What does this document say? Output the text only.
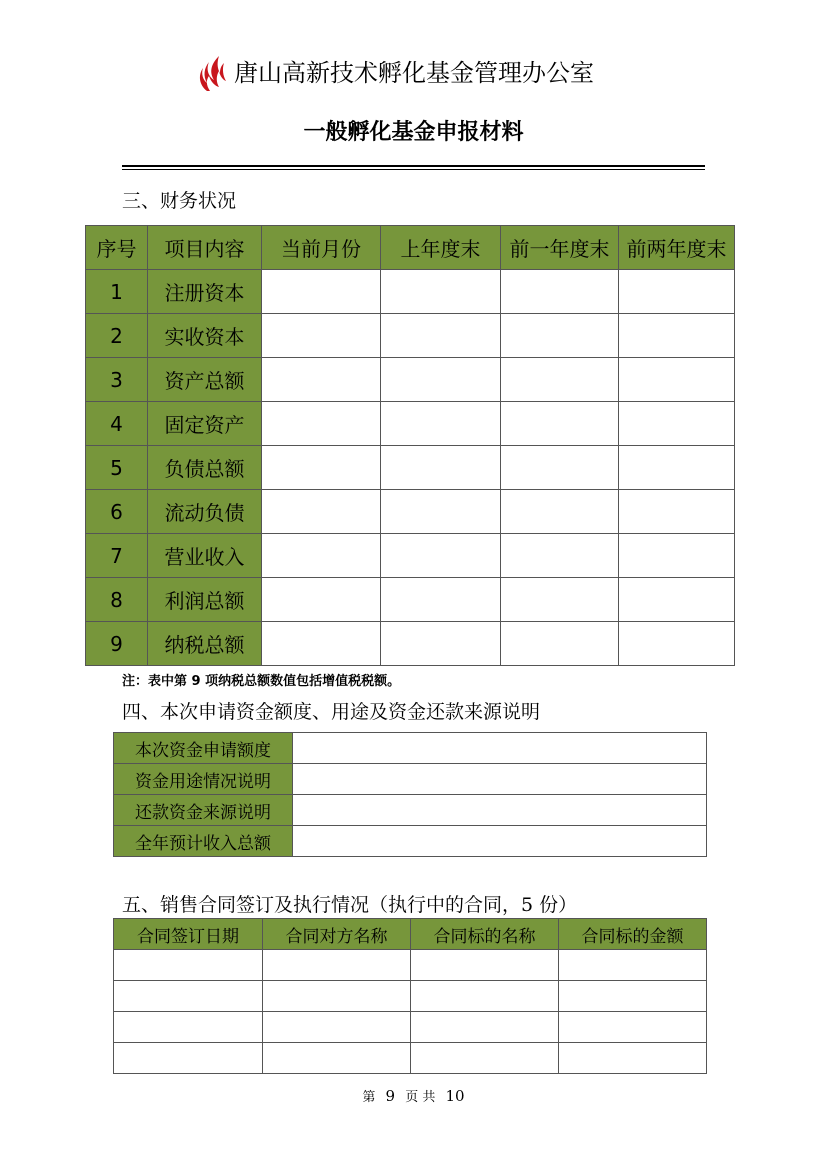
唐山高新技术孵化基金管理办公室
一般孵化基金申报材料
三、财务状况
序号	项目内容	当前月份	上年度末	前一年度末	前两年度末
1	注册资本				
2	实收资本				
3	资产总额				
4	固定资产				
5	负债总额				
6	流动负债				
7	营业收入				
8	利润总额				
9	纳税总额				
注：表中第 9 项纳税总额数值包括增值税税额。
四、本次申请资金额度、用途及资金还款来源说明
本次资金申请额度	
资金用途情况说明	
还款资金来源说明	
全年预计收入总额	
五、销售合同签订及执行情况（执行中的合同，5 份）
合同签订日期	合同对方名称	合同标的名称	合同标的金额

第 9 页 共 10
